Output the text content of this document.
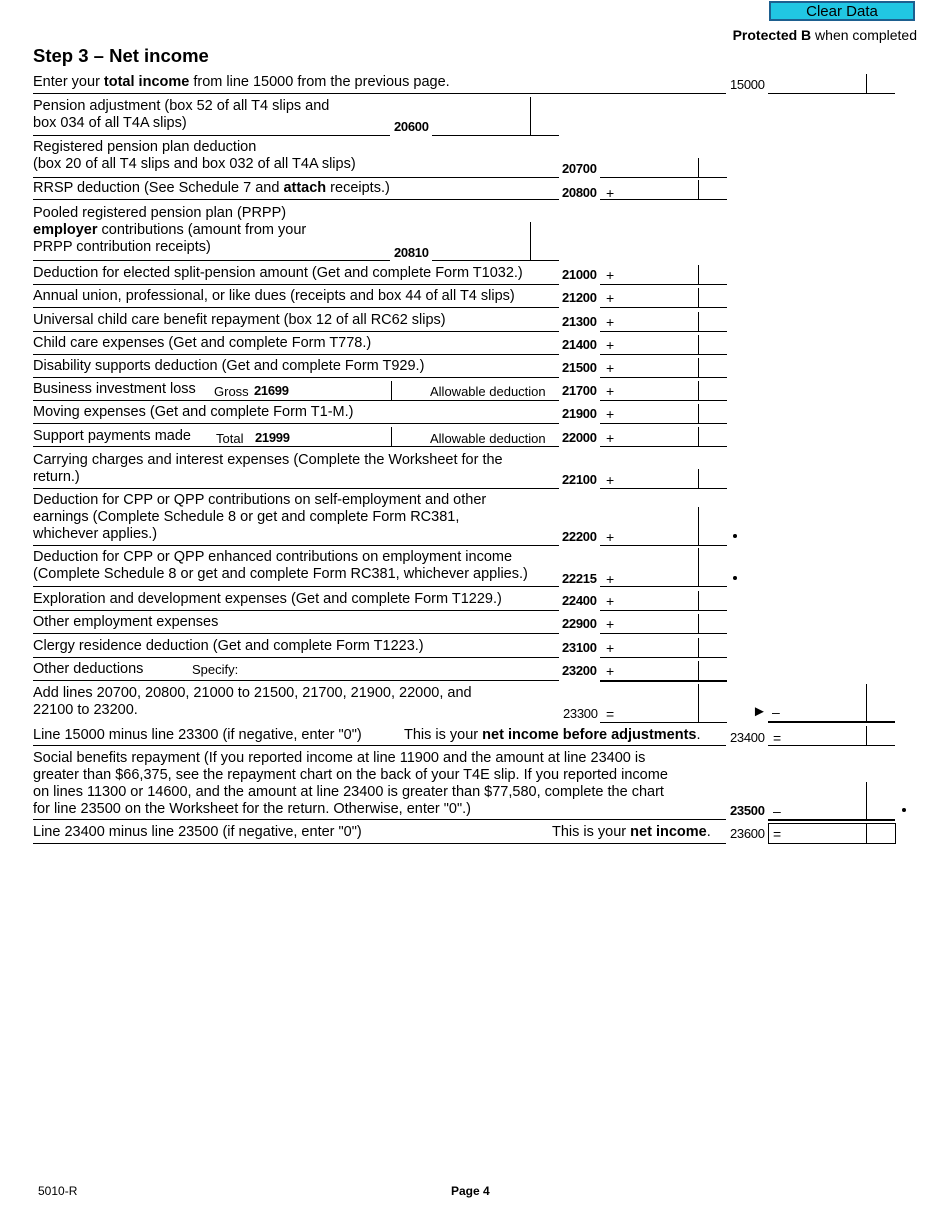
Clear Data
Protected B when completed
Step 3 – Net income
Enter your total income from line 15000 from the previous page.	15000
Pension adjustment (box 52 of all T4 slips and
box 034 of all T4A slips)	20600
Registered pension plan deduction
(box 20 of all T4 slips and box 032 of all T4A slips)	20700
RRSP deduction (See Schedule 7 and attach receipts.)	20800 +
Pooled registered pension plan (PRPP)
employer contributions (amount from your
PRPP contribution receipts)	20810
Deduction for elected split-pension amount (Get and complete Form T1032.)	21000 +
Annual union, professional, or like dues (receipts and box 44 of all T4 slips)	21200 +
Universal child care benefit repayment (box 12 of all RC62 slips)	21300 +
Child care expenses (Get and complete Form T778.)	21400 +
Disability supports deduction (Get and complete Form T929.)	21500 +
Business investment loss Gross 21699	Allowable deduction 21700 +
Moving expenses (Get and complete Form T1-M.)	21900 +
Support payments made Total 21999	Allowable deduction 22000 +
Carrying charges and interest expenses (Complete the Worksheet for the
return.)	22100 +
Deduction for CPP or QPP contributions on self-employment and other
earnings (Complete Schedule 8 or get and complete Form RC381,
whichever applies.)	22200 +
Deduction for CPP or QPP enhanced contributions on employment income
(Complete Schedule 8 or get and complete Form RC381, whichever applies.)	22215 +
Exploration and development expenses (Get and complete Form T1229.)	22400 +
Other employment expenses	22900 +
Clergy residence deduction (Get and complete Form T1223.)	23100 +
Other deductions	Specify:	23200 +
Add lines 20700, 20800, 21000 to 21500, 21700, 21900, 22000, and
22100 to 23200.	23300 =	► –
Line 15000 minus line 23300 (if negative, enter "0")	This is your net income before adjustments. 23400 =
Social benefits repayment (If you reported income at line 11900 and the amount at line 23400 is
greater than $66,375, see the repayment chart on the back of your T4E slip. If you reported income
on lines 11300 or 14600, and the amount at line 23400 is greater than $77,580, complete the chart
for line 23500 on the Worksheet for the return. Otherwise, enter "0".)	23500 –
Line 23400 minus line 23500 (if negative, enter "0")	This is your net income. 23600 =
5010-R	Page 4
